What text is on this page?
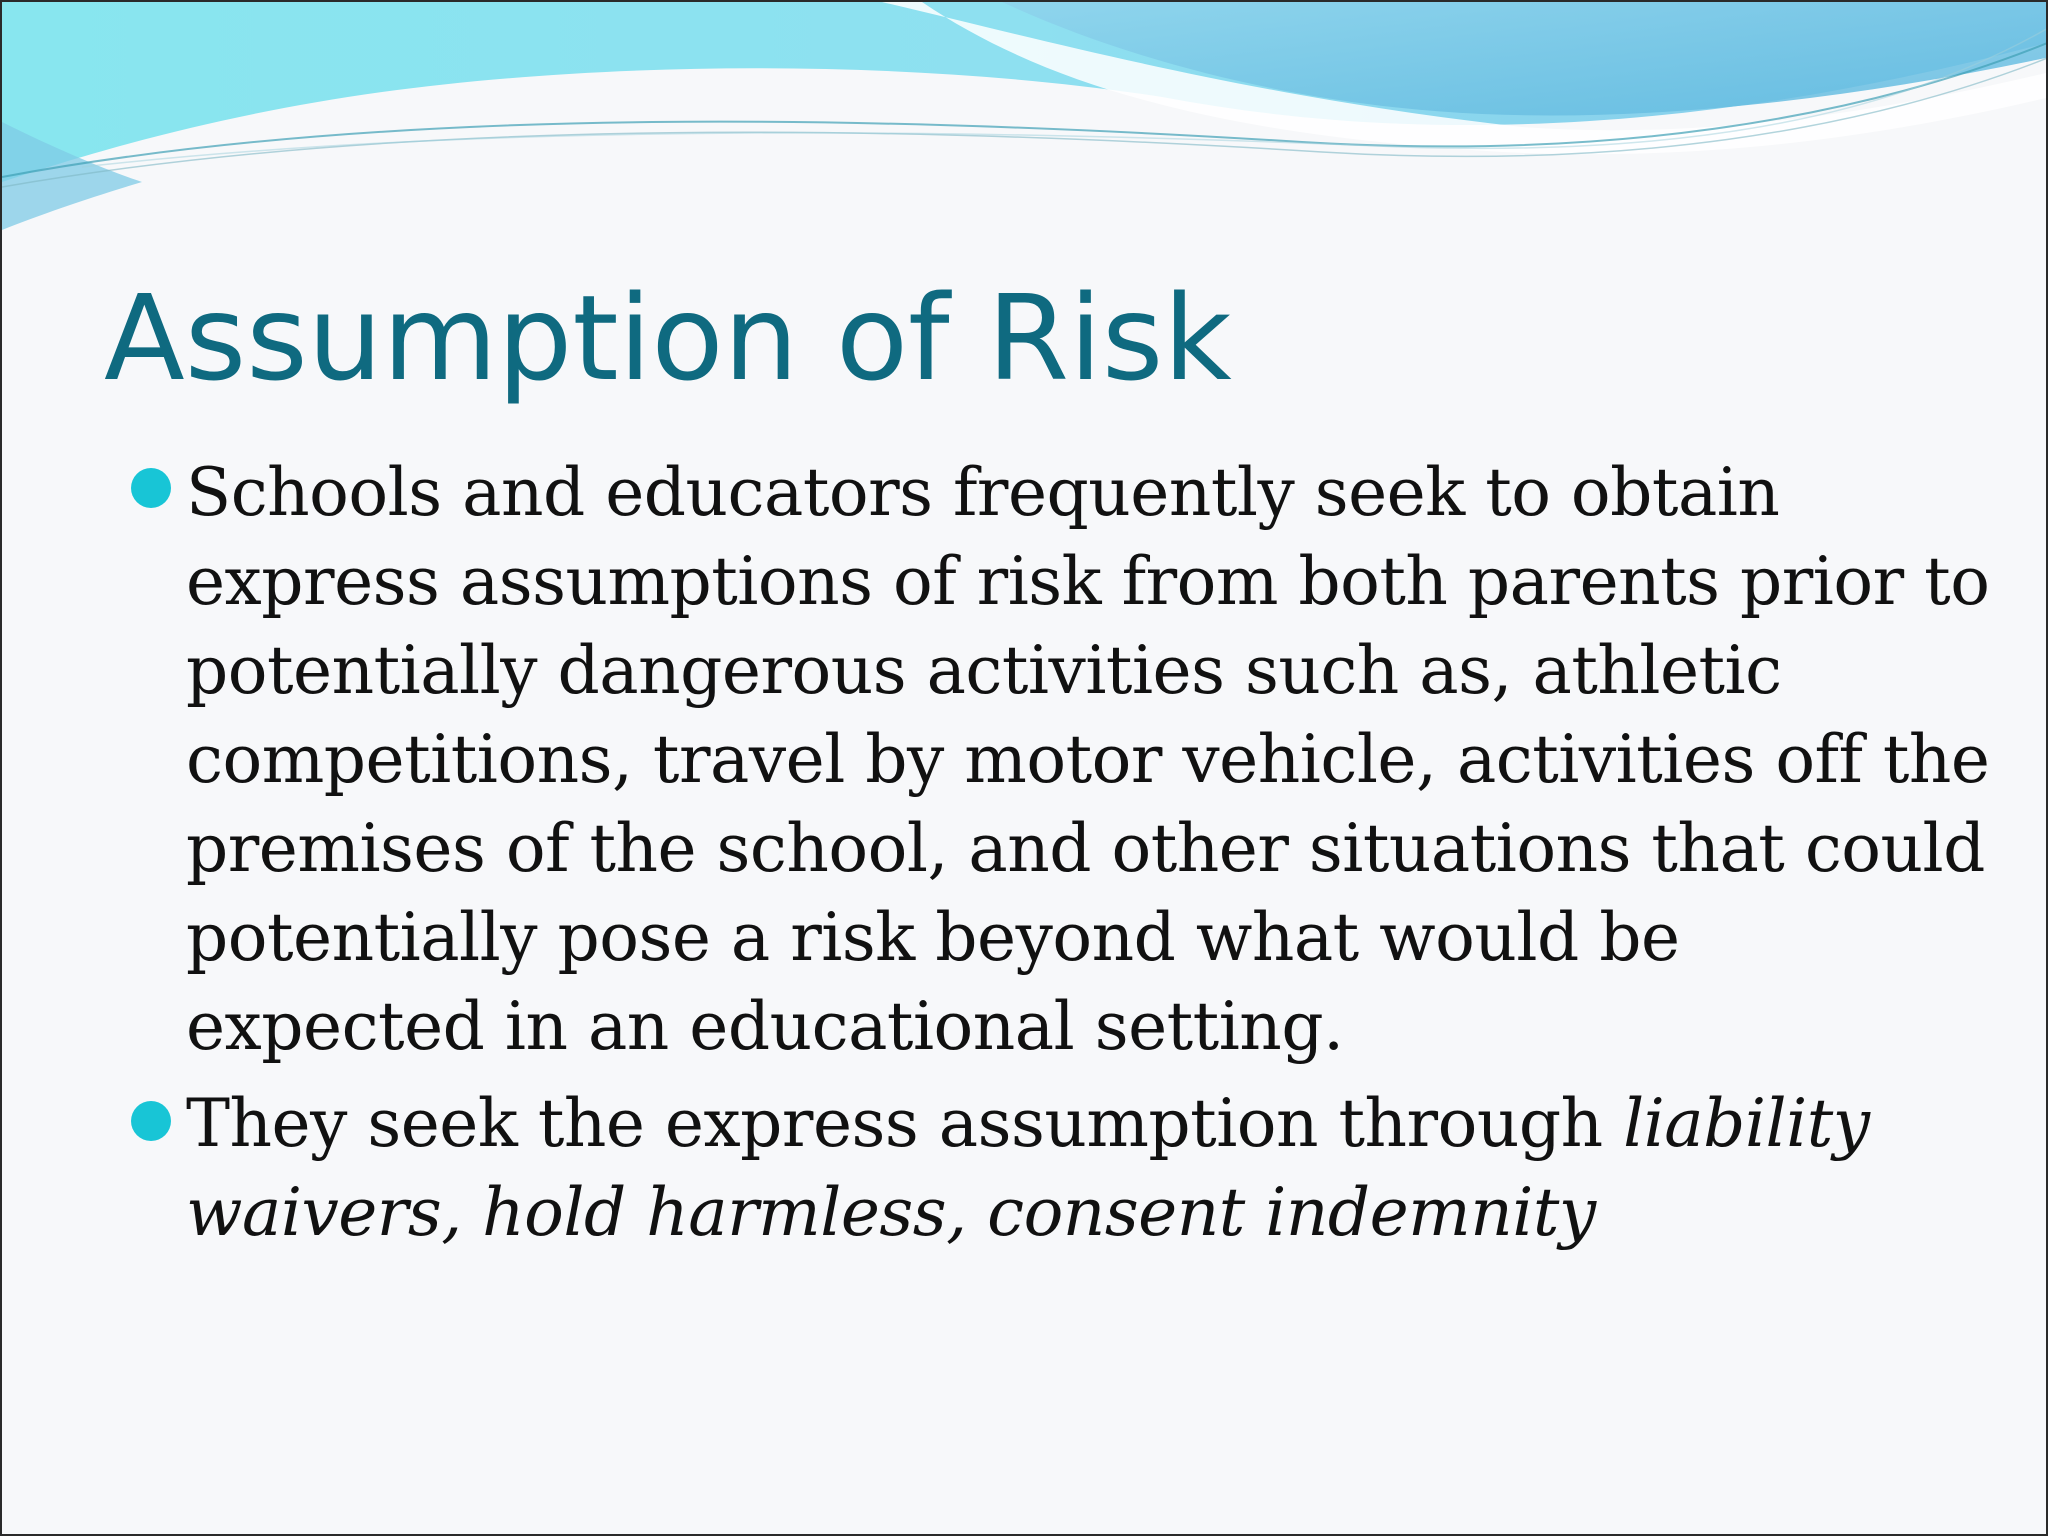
Assumption of Risk
Schools and educators frequently seek to obtain express assumptions of risk from both parents prior to potentially dangerous activities such as, athletic competitions, travel by motor vehicle, activities off the premises of the school, and other situations that could potentially pose a risk beyond what would be expected in an educational setting.
They seek the express assumption through liability waivers, hold harmless, consent indemnity
